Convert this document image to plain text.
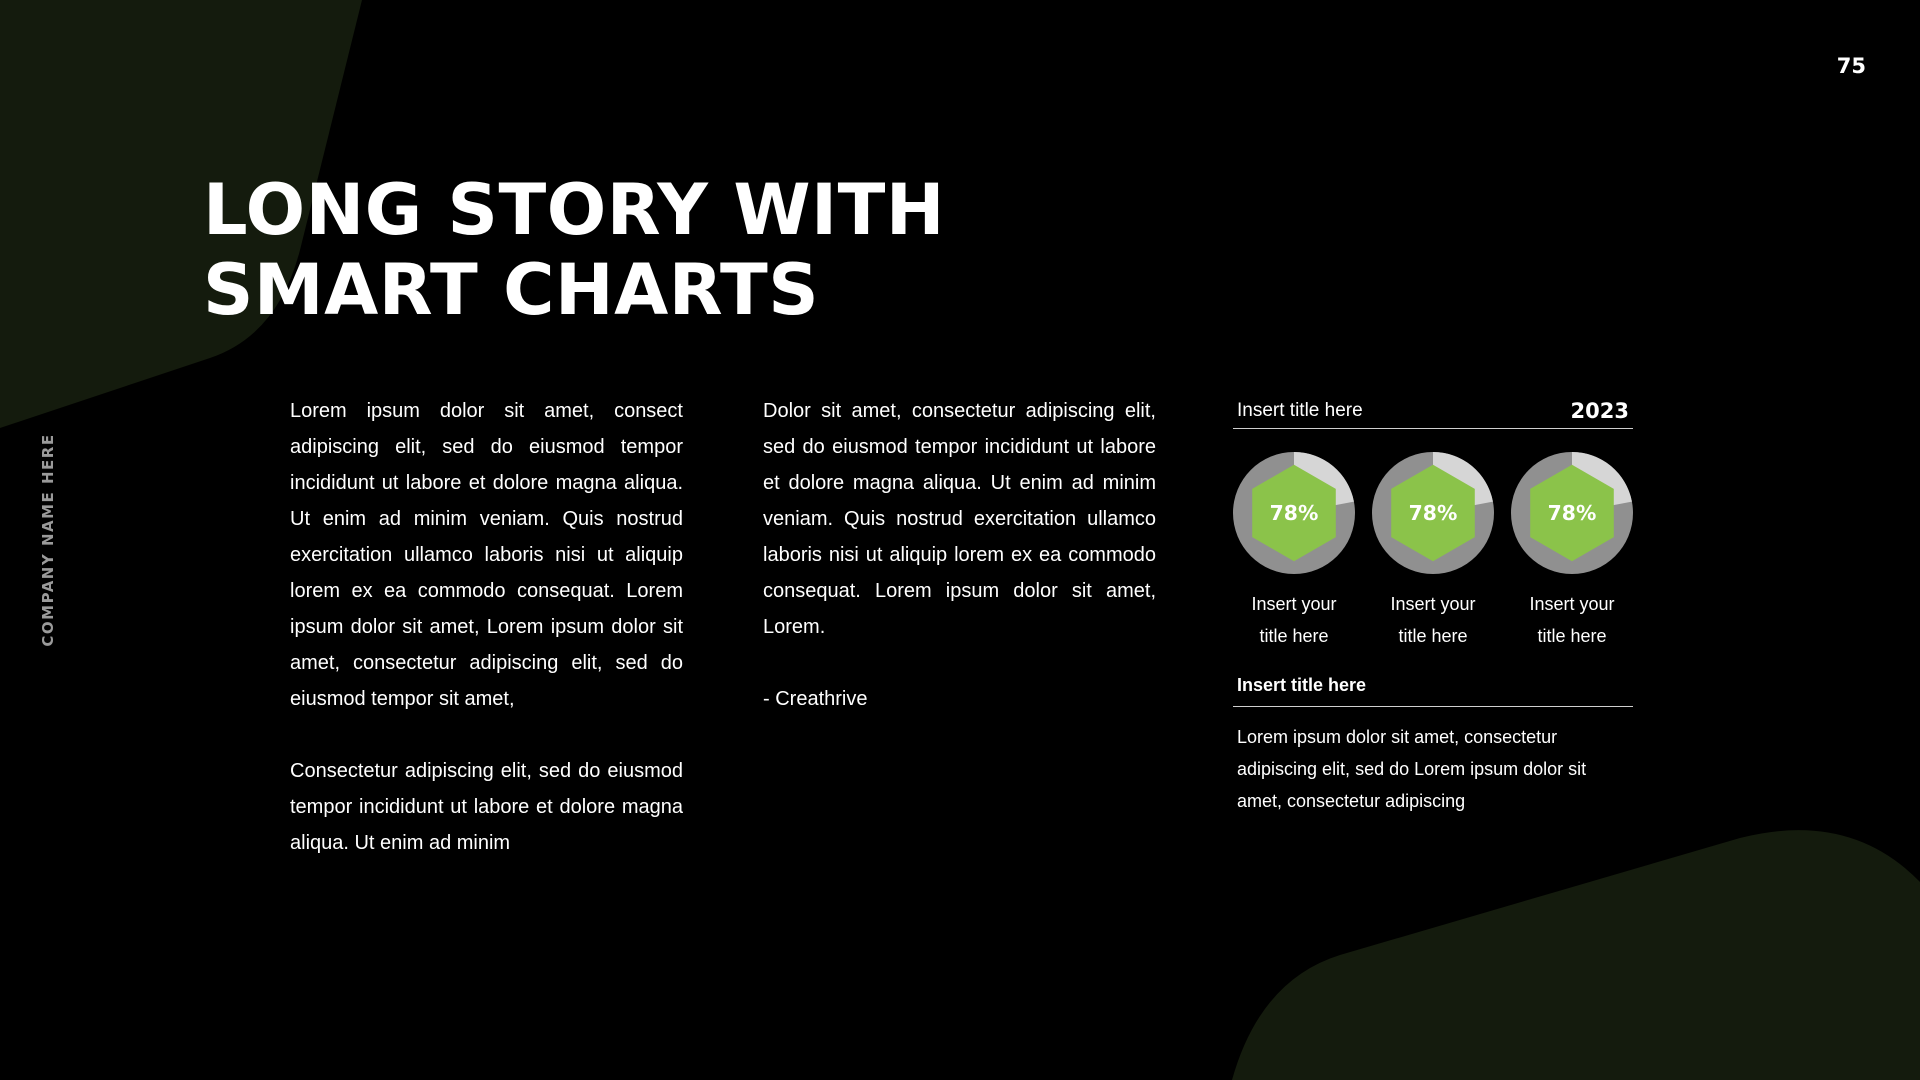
75
COMPANY NAME HERE
LONG STORY WITH
SMART CHARTS

Lorem ipsum dolor sit amet, consect adipiscing elit, sed do eiusmod tempor incididunt ut labore et dolore magna aliqua. Ut enim ad minim veniam. Quis nostrud exercitation ullamco laboris nisi ut aliquip lorem ex ea commodo consequat. Lorem ipsum dolor sit amet, Lorem ipsum dolor sit amet, consectetur adipiscing elit, sed do eiusmod tempor sit amet,

Consectetur adipiscing elit, sed do eiusmod tempor incididunt ut labore et dolore magna aliqua. Ut enim ad minim

Dolor sit amet, consectetur adipiscing elit, sed do eiusmod tempor incididunt ut labore et dolore magna aliqua. Ut enim ad minim veniam. Quis nostrud exercitation ullamco laboris nisi ut aliquip lorem ex ea commodo consequat. Lorem ipsum dolor sit amet, Lorem.

- Creathrive

Insert title here	2023
78%
Insert your
title here
78%
Insert your
title here
78%
Insert your
title here
Insert title here
Lorem ipsum dolor sit amet, consectetur adipiscing elit, sed do Lorem ipsum dolor sit amet, consectetur adipiscing
